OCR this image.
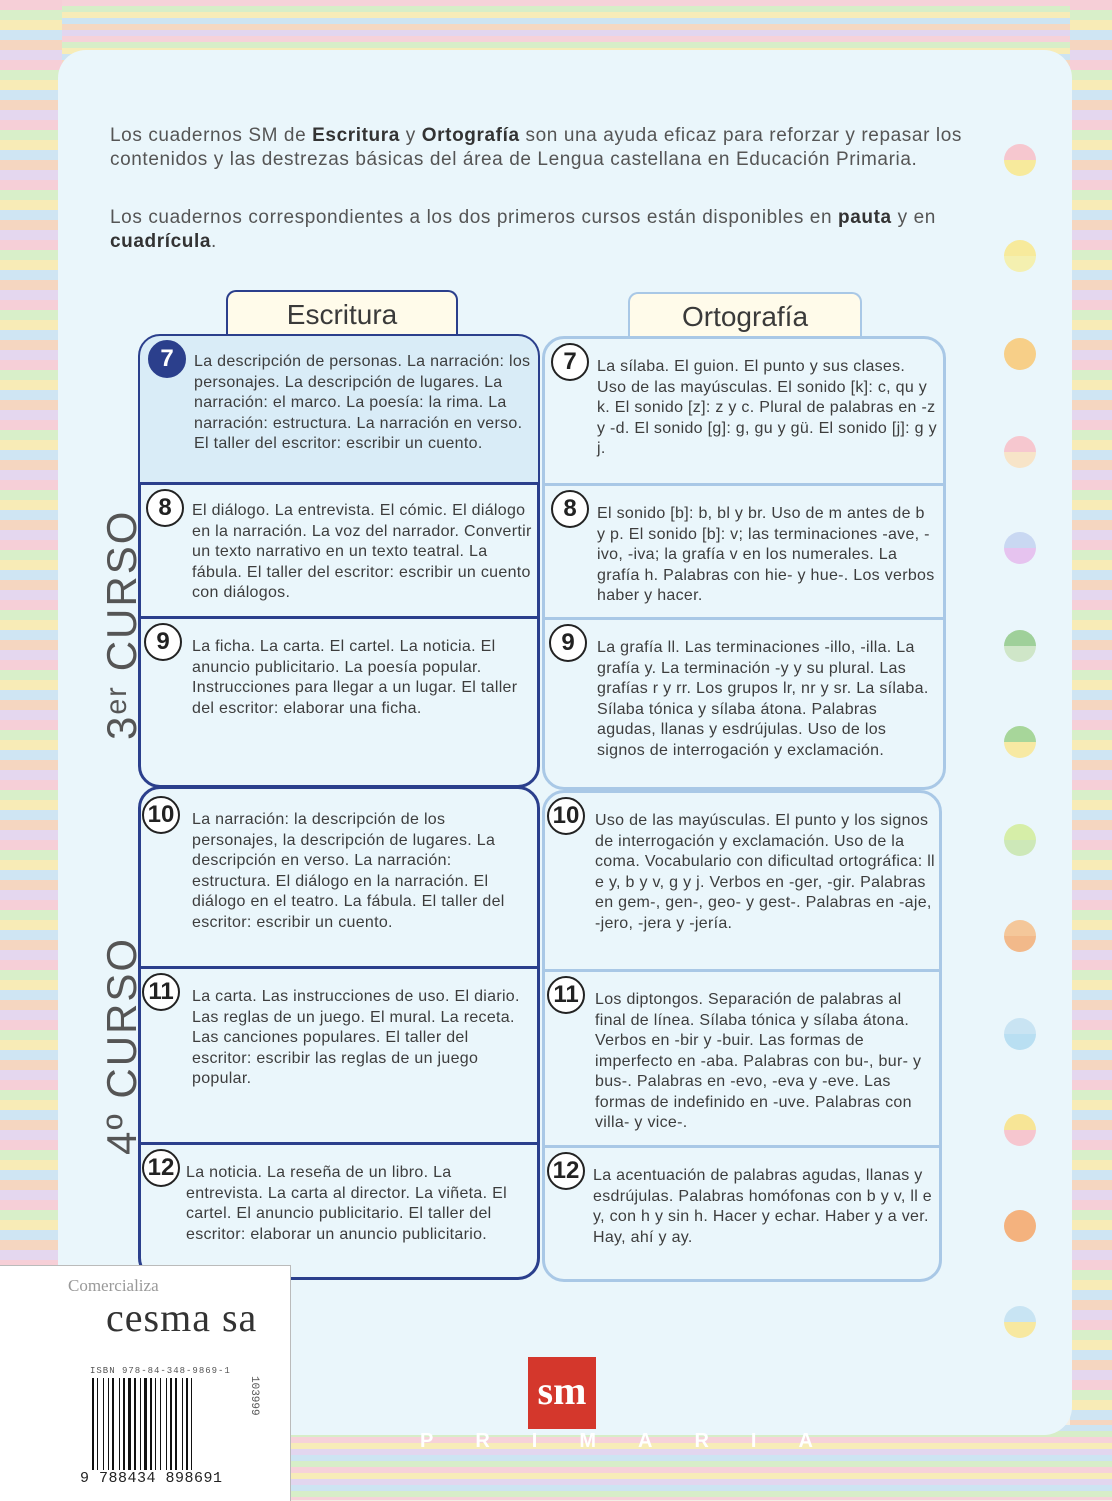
Los cuadernos SM de Escritura y Ortografía son una ayuda eficaz para reforzar y repasar los contenidos y las destrezas básicas del área de Lengua castellana en Educación Primaria.

Los cuadernos correspondientes a los dos primeros cursos están disponibles en pauta y en cuadrícula.

Escritura	Ortografía
7	La descripción de personas. La narración: los personajes. La descripción de lugares. La narración: el marco. La poesía: la rima. La narración: estructura. La narración en verso. El taller del escritor: escribir un cuento.
8	El diálogo. La entrevista. El cómic. El diálogo en la narración. La voz del narrador. Convertir un texto narrativo en un texto teatral. La fábula. El taller del escritor: escribir un cuento con diálogos.
9	La ficha. La carta. El cartel. La noticia. El anuncio publicitario. La poesía popular. Instrucciones para llegar a un lugar. El taller del escritor: elaborar una ficha.
10	La narración: la descripción de los personajes, la descripción de lugares. La descripción en verso. La narración: estructura. El diálogo en la narración. El diálogo en el teatro. La fábula. El taller del escritor: escribir un cuento.
11	La carta. Las instrucciones de uso. El diario. Las reglas de un juego. El mural. La receta. Las canciones populares. El taller del escritor: escribir las reglas de un juego popular.
12 La noticia. La reseña de un libro. La entrevista. La carta al director. La viñeta. El cartel. El anuncio publicitario. El taller del escritor: elaborar un anuncio publicitario.
7	La sílaba. El guion. El punto y sus clases. Uso de las mayúsculas. El sonido [k]: c, qu y k. El sonido [z]: z y c. Plural de palabras en -z y -d. El sonido [g]: g, gu y gü. El sonido [j]: g y j.
8	El sonido [b]: b, bl y br. Uso de m antes de b y p. El sonido [b]: v; las terminaciones -ave, -ivo, -iva; la grafía v en los numerales. La grafía h. Palabras con hie- y hue-. Los verbos haber y hacer.
9	La grafía ll. Las terminaciones -illo, -illa. La grafía y. La terminación -y y su plural. Las grafías r y rr. Los grupos lr, nr y sr. La sílaba. Sílaba tónica y sílaba átona. Palabras agudas, llanas y esdrújulas. Uso de los signos de interrogación y exclamación.
10 Uso de las mayúsculas. El punto y los signos de interrogación y exclamación. Uso de la coma. Vocabulario con dificultad ortográfica: ll e y, b y v, g y j. Verbos en -ger, -gir. Palabras en gem-, gen-, geo- y gest-. Palabras en -aje, -jero, -jera y -jería.
11	Los diptongos. Separación de palabras al final de línea. Sílaba tónica y sílaba átona. Verbos en -bir y -buir. Las formas de imperfecto en -aba. Palabras con bu-, bur- y bus-. Palabras en -evo, -eva y -eve. Las formas de indefinido en -uve. Palabras con villa- y vice-.
12 La acentuación de palabras agudas, llanas y esdrújulas. Palabras homófonas con b y v, ll e y, con h y sin h. Hacer y echar. Haber y a ver. Hay, ahí y ay.
3ᵉʳ CURSO
4º CURSO
Comercializa
cesma sa
ISBN 978-84-348-9869-1
9 788434 898691
103999	sm
PRIMARIA
